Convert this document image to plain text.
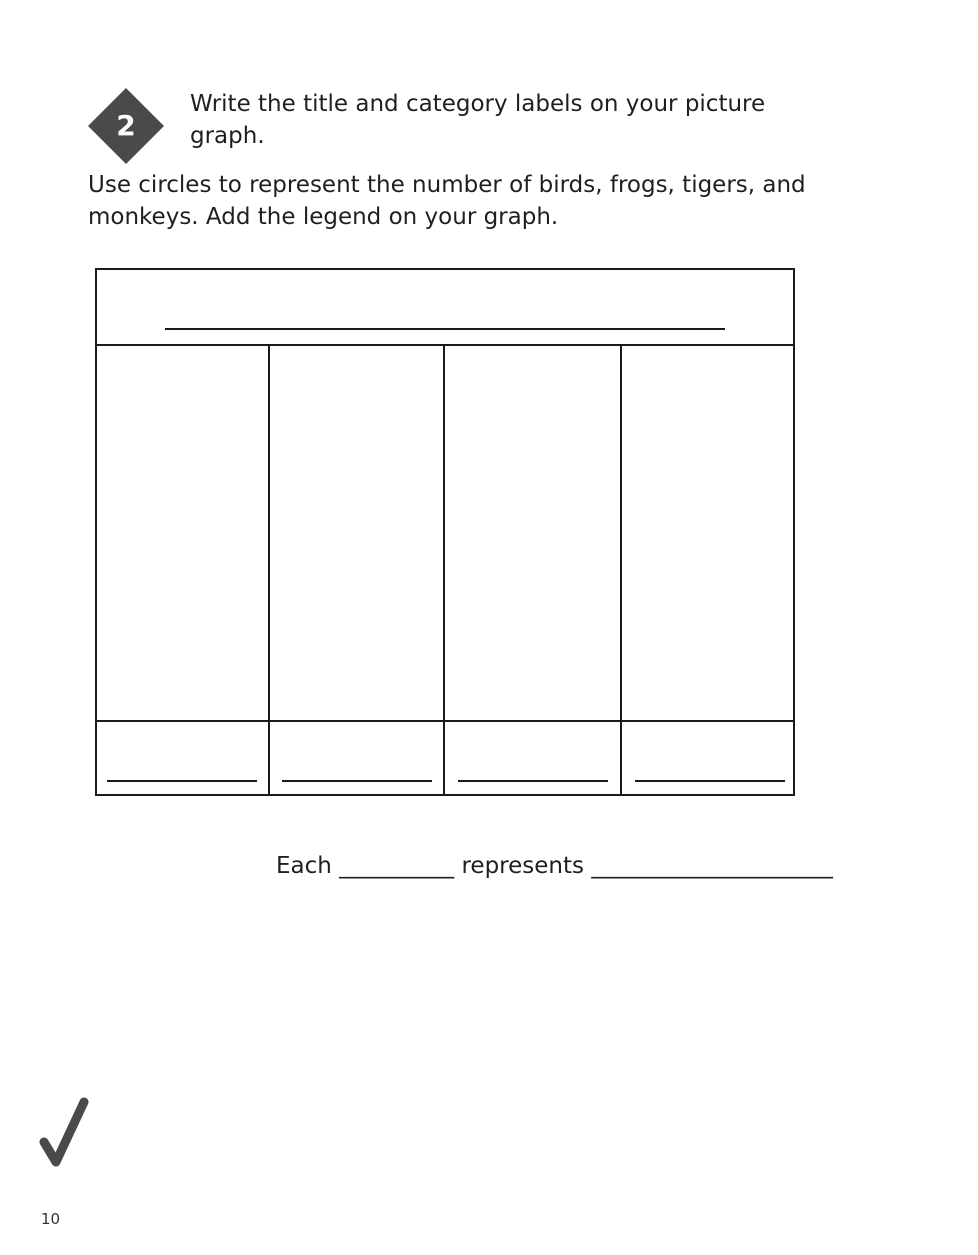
2
Write the title and category labels on your picture graph.
Use circles to represent the number of birds, frogs, tigers, and monkeys. Add the legend on your graph.
Each __________ represents _____________________
10
